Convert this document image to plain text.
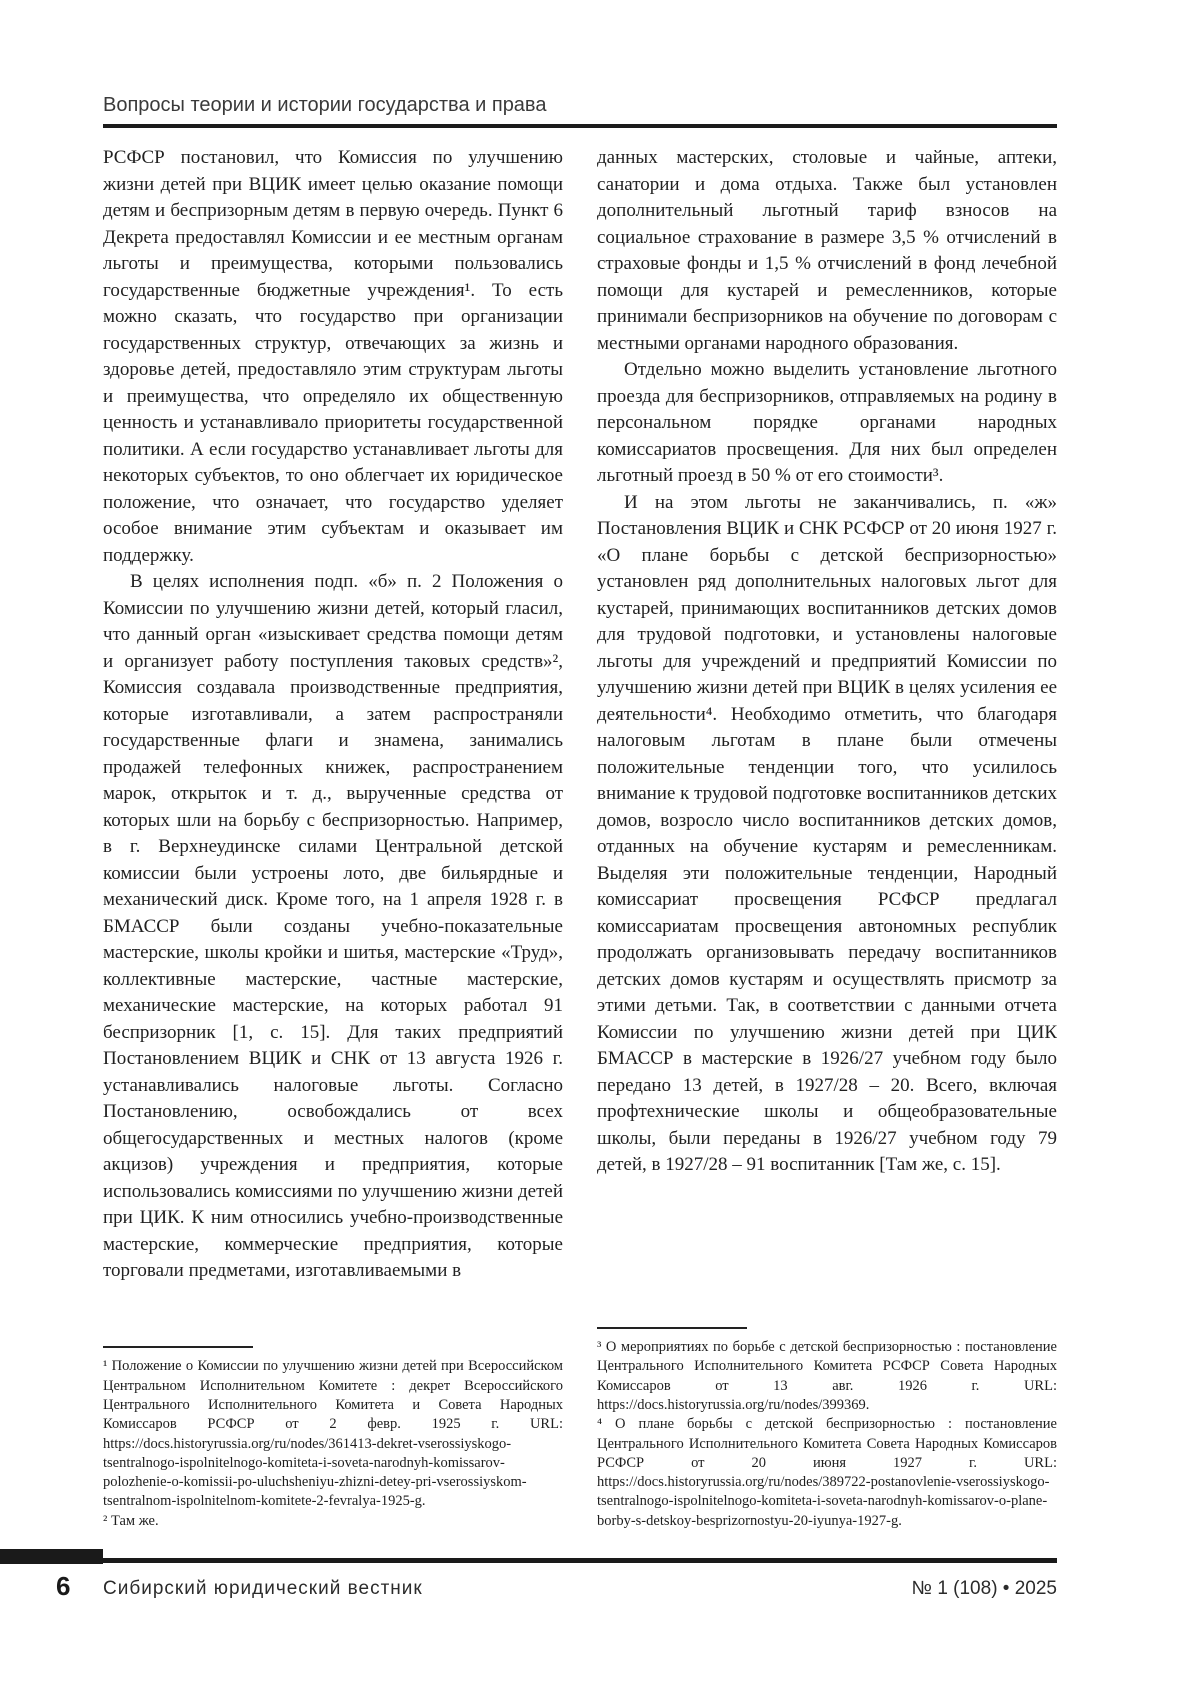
Вопросы теории и истории государства и права

РСФСР постановил, что Комиссия по улучшению жизни детей при ВЦИК имеет целью оказание помощи детям и беспризорным детям в первую очередь. Пункт 6 Декрета предоставлял Комиссии и ее местным органам льготы и преимущества, которыми пользовались государственные бюджетные учреждения¹. То есть можно сказать, что государство при организации государственных структур, отвечающих за жизнь и здоровье детей, предоставляло этим структурам льготы и преимущества, что определяло их общественную ценность и устанавливало приоритеты государственной политики. А если государство устанавливает льготы для некоторых субъектов, то оно облегчает их юридическое положение, что означает, что государство уделяет особое внимание этим субъектам и оказывает им поддержку.

В целях исполнения подп. «б» п. 2 Положения о Комиссии по улучшению жизни детей, который гласил, что данный орган «изыскивает средства помощи детям и организует работу поступления таковых средств»², Комиссия создавала производственные предприятия, которые изготавливали, а затем распространяли государственные флаги и знамена, занимались продажей телефонных книжек, распространением марок, открыток и т. д., вырученные средства от которых шли на борьбу с беспризорностью. Например, в г. Верхнеудинске силами Центральной детской комиссии были устроены лото, две бильярдные и механический диск. Кроме того, на 1 апреля 1928 г. в БМАССР были созданы учебно-показательные мастерские, школы кройки и шитья, мастерские «Труд», коллективные мастерские, частные мастерские, механические мастерские, на которых работал 91 беспризорник [1, с. 15]. Для таких предприятий Постановлением ВЦИК и СНК от 13 августа 1926 г. устанавливались налоговые льготы. Согласно Постановлению, освобождались от всех общегосударственных и местных налогов (кроме акцизов) учреждения и предприятия, которые использовались комиссиями по улучшению жизни детей при ЦИК. К ним относились учебно-производственные мастерские, коммерческие предприятия, которые торговали предметами, изготавливаемыми в

¹ Положение о Комиссии по улучшению жизни детей при Всероссийском Центральном Исполнительном Комитете : декрет Всероссийского Центрального Исполнительного Комитета и Совета Народных Комиссаров РСФСР от 2 февр. 1925 г. URL: https://docs.historyrussia.org/ru/nodes/361413-dekret-vserossiyskogo-tsentralnogo-ispolnitelnogo-komiteta-i-soveta-narodnyh-komissarov-polozhenie-o-komissii-po-uluchsheniyu-zhizni-detey-pri-vserossiyskom-tsentralnom-ispolnitelnom-komitete-2-fevralya-1925-g.

² Там же.

данных мастерских, столовые и чайные, аптеки, санатории и дома отдыха. Также был установлен дополнительный льготный тариф взносов на социальное страхование в размере 3,5 % отчислений в страховые фонды и 1,5 % отчислений в фонд лечебной помощи для кустарей и ремесленников, которые принимали беспризорников на обучение по договорам с местными органами народного образования.

Отдельно можно выделить установление льготного проезда для беспризорников, отправляемых на родину в персональном порядке органами народных комиссариатов просвещения. Для них был определен льготный проезд в 50 % от его стоимости³.

И на этом льготы не заканчивались, п. «ж» Постановления ВЦИК и СНК РСФСР от 20 июня 1927 г. «О плане борьбы с детской беспризорностью» установлен ряд дополнительных налоговых льгот для кустарей, принимающих воспитанников детских домов для трудовой подготовки, и установлены налоговые льготы для учреждений и предприятий Комиссии по улучшению жизни детей при ВЦИК в целях усиления ее деятельности⁴. Необходимо отметить, что благодаря налоговым льготам в плане были отмечены положительные тенденции того, что усилилось внимание к трудовой подготовке воспитанников детских домов, возросло число воспитанников детских домов, отданных на обучение кустарям и ремесленникам. Выделяя эти положительные тенденции, Народный комиссариат просвещения РСФСР предлагал комиссариатам просвещения автономных республик продолжать организовывать передачу воспитанников детских домов кустарям и осуществлять присмотр за этими детьми. Так, в соответствии с данными отчета Комиссии по улучшению жизни детей при ЦИК БМАССР в мастерские в 1926/27 учебном году было передано 13 детей, в 1927/28 – 20. Всего, включая профтехнические школы и общеобразовательные школы, были переданы в 1926/27 учебном году 79 детей, в 1927/28 – 91 воспитанник [Там же, с. 15].

³ О мероприятиях по борьбе с детской беспризорностью : постановление Центрального Исполнительного Комитета РСФСР Совета Народных Комиссаров от 13 авг. 1926 г. URL: https://docs.historyrussia.org/ru/nodes/399369.

⁴ О плане борьбы с детской беспризорностью : постановление Центрального Исполнительного Комитета Совета Народных Комиссаров РСФСР от 20 июня 1927 г. URL: https://docs.historyrussia.org/ru/nodes/389722-postanovlenie-vserossiyskogo-tsentralnogo-ispolnitelnogo-komiteta-i-soveta-narodnyh-komissarov-o-plane-borby-s-detskoy-besprizornostyu-20-iyunya-1927-g.

6 Сибирский юридический вестник	№ 1 (108) • 2025
